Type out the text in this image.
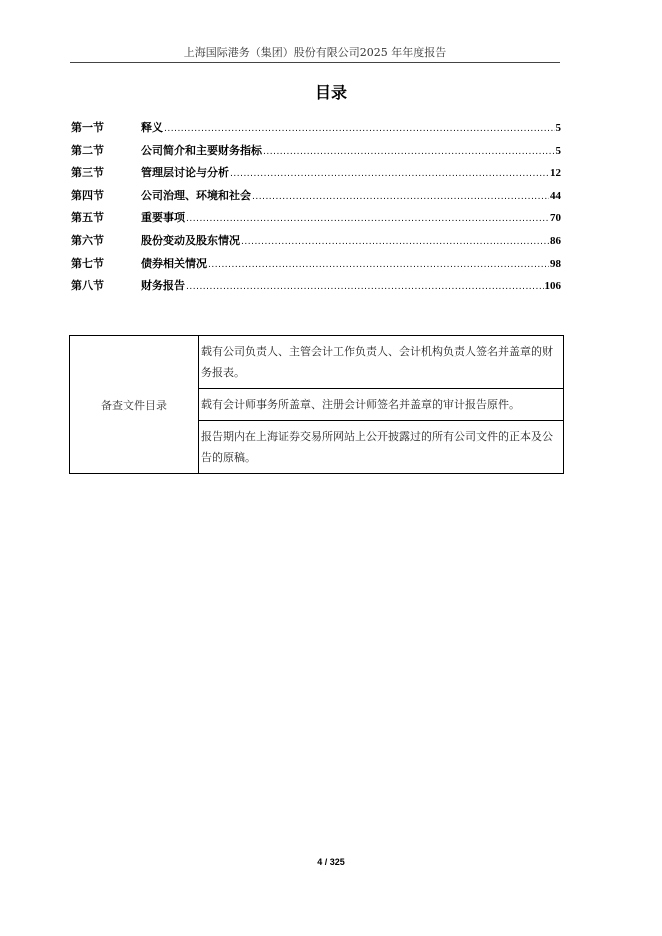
上海国际港务（集团）股份有限公司2025 年年度报告
目录
第一节	释义 .....	5
第二节	公司简介和主要财务指标 .....	5
第三节	管理层讨论与分析 .....	12
第四节	公司治理、环境和社会 .....	44
第五节	重要事项 .....	70
第六节	股份变动及股东情况 .....	86
第七节	债券相关情况 .....	98
第八节	财务报告 .....	106
备查文件目录	载有公司负责人、主管会计工作负责人、会计机构负责人签名并盖章的财务报表。
载有会计师事务所盖章、注册会计师签名并盖章的审计报告原件。
报告期内在上海证券交易所网站上公开披露过的所有公司文件的正本及公告的原稿。
4 / 325
